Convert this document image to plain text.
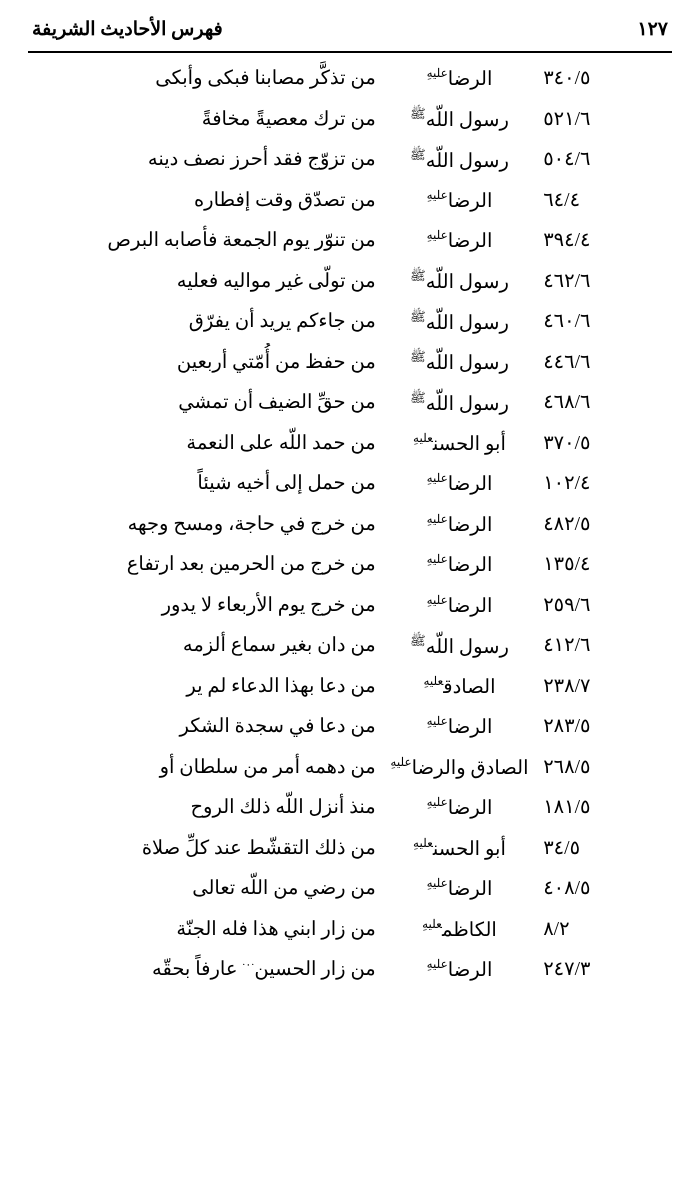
فهرس الأحاديث الشريفة	١٢٧
٣٤٠/٥	الرضا$^{عليهِ}$	من تذكَّر مصابنا فبكى وأبكى
٥٢١/٦	رسول اللّه$^ﷺ$	من ترك معصيةً مخافةً
٥٠٤/٦	رسول اللّه$^ﷺ$	من تزوّج فقد أحرز نصف دينه
٦٤/٤	الرضا$^{عليهِ}$	من تصدّق وقت إفطاره
٣٩٤/٤	الرضا$^{عليهِ}$	من تنوّر يوم الجمعة فأصابه البرص
٤٦٢/٦	رسول اللّه$^ﷺ$	من تولّى غير مواليه فعليه
٤٦٠/٦	رسول اللّه$^ﷺ$	من جاءكم يريد أن يفرّق
٤٤٦/٦	رسول اللّه$^ﷺ$	من حفظ من أُمّتي أربعين
٤٦٨/٦	رسول اللّه$^ﷺ$	من حقِّ الضيف أن تمشي
٣٧٠/٥	أبو الحسن$^{عليهِ}$	من حمد اللّه على النعمة
١٠٢/٤	الرضا$^{عليهِ}$	من حمل إلى أخيه شيئاً
٤٨٢/٥	الرضا$^{عليهِ}$	من خرج في حاجة، ومسح وجهه
١٣٥/٤	الرضا$^{عليهِ}$	من خرج من الحرمين بعد ارتفاع
٢٥٩/٦	الرضا$^{عليهِ}$	من خرج يوم الأربعاء لا يدور
٤١٢/٦	رسول اللّه$^ﷺ$	من دان بغير سماع ألزمه
٢٣٨/٧	الصادق$^{عليهِ}$	من دعا بهذا الدعاء لم ير
٢٨٣/٥	الرضا$^{عليهِ}$	من دعا في سجدة الشكر
٢٦٨/٥	الصادق والرضا$^{عليهِ}$	من دهمه أمر من سلطان أو
١٨١/٥	الرضا$^{عليهِ}$	منذ أنزل اللّه ذلك الروح
٣٤/٥	أبو الحسن$^{عليهِ}$	من ذلك التقشّط عند كلِّ صلاة
٤٠٨/٥	الرضا$^{عليهِ}$	من رضي من اللّه تعالى
٨/٢	الكاظم$^{عليهِ}$	من زار ابني هذا فله الجنّة
٢٤٧/٣	الرضا$^{عليهِ}$	من زار الحسين$^{·٠·}$ عارفاً بحقّه
